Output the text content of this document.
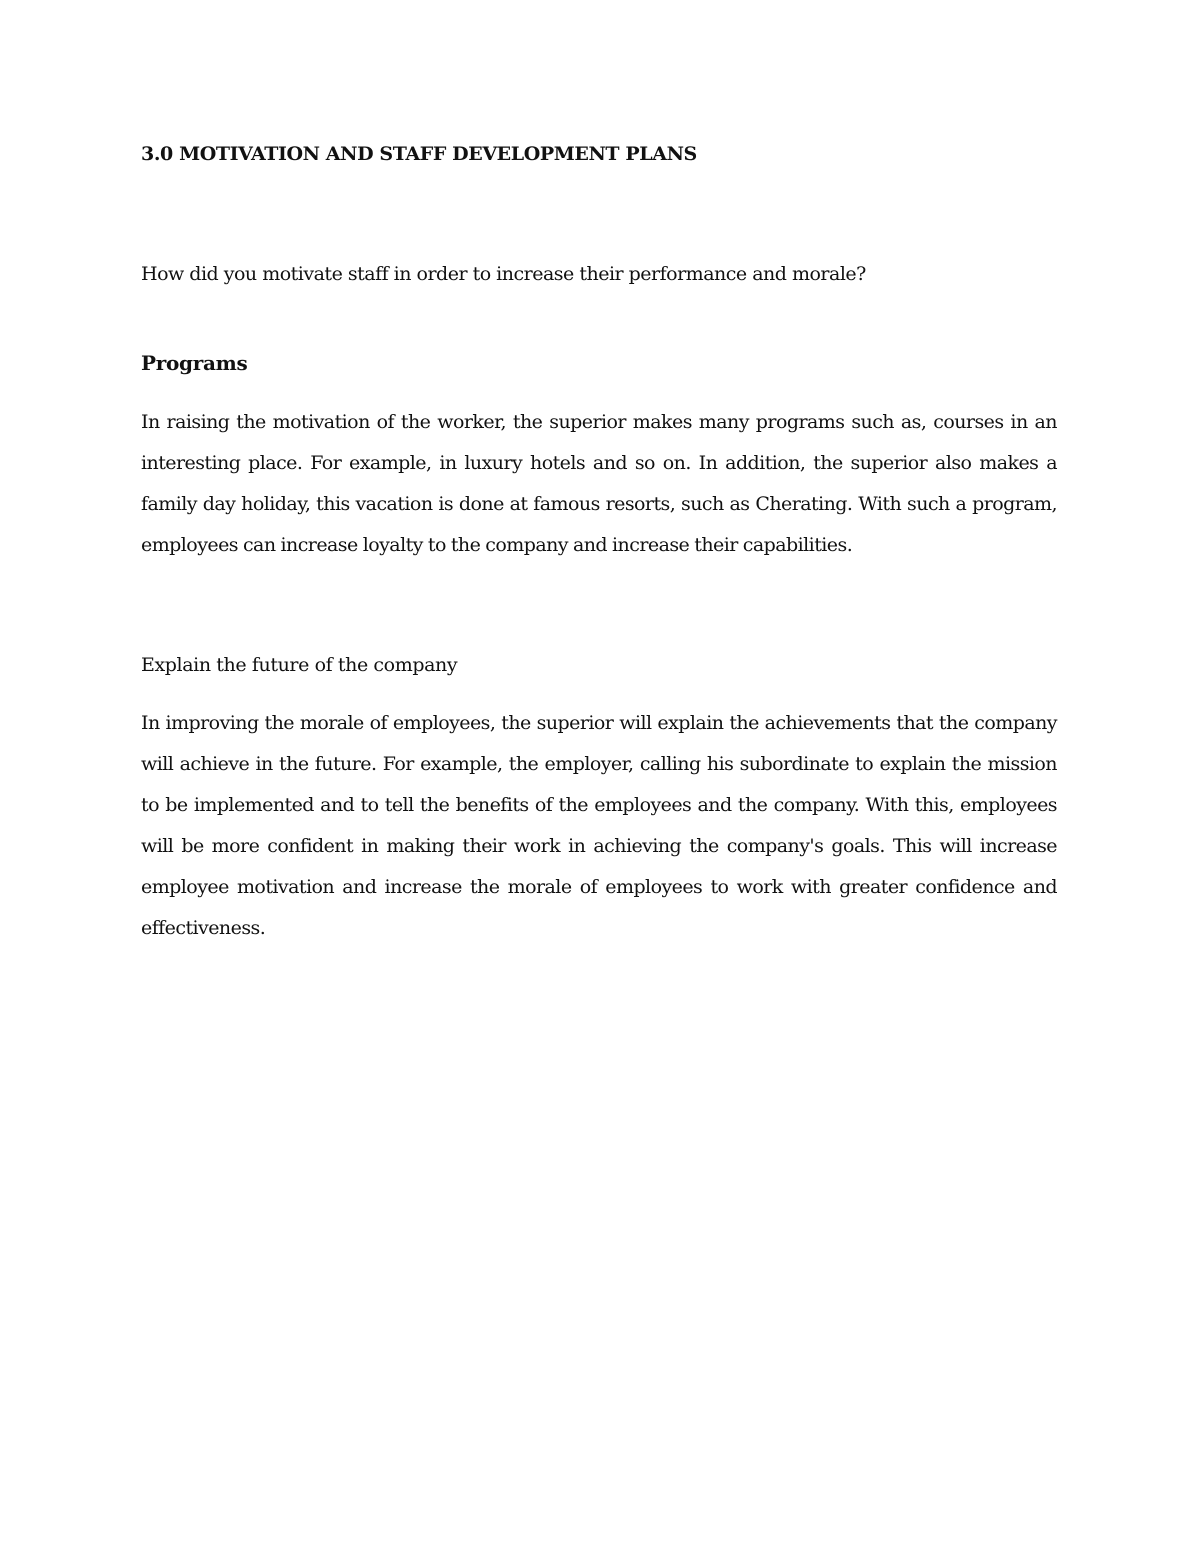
3.0 MOTIVATION AND STAFF DEVELOPMENT PLANS

How did you motivate staff in order to increase their performance and morale?

Programs

In raising the motivation of the worker, the superior makes many programs such as, courses in an interesting place. For example, in luxury hotels and so on. In addition, the superior also makes a family day holiday, this vacation is done at famous resorts, such as Cherating. With such a program, employees can increase loyalty to the company and increase their capabilities.

Explain the future of the company

In improving the morale of employees, the superior will explain the achievements that the company will achieve in the future. For example, the employer, calling his subordinate to explain the mission to be implemented and to tell the benefits of the employees and the company. With this, employees will be more confident in making their work in achieving the company's goals. This will increase employee motivation and increase the morale of employees to work with greater confidence and effectiveness.
